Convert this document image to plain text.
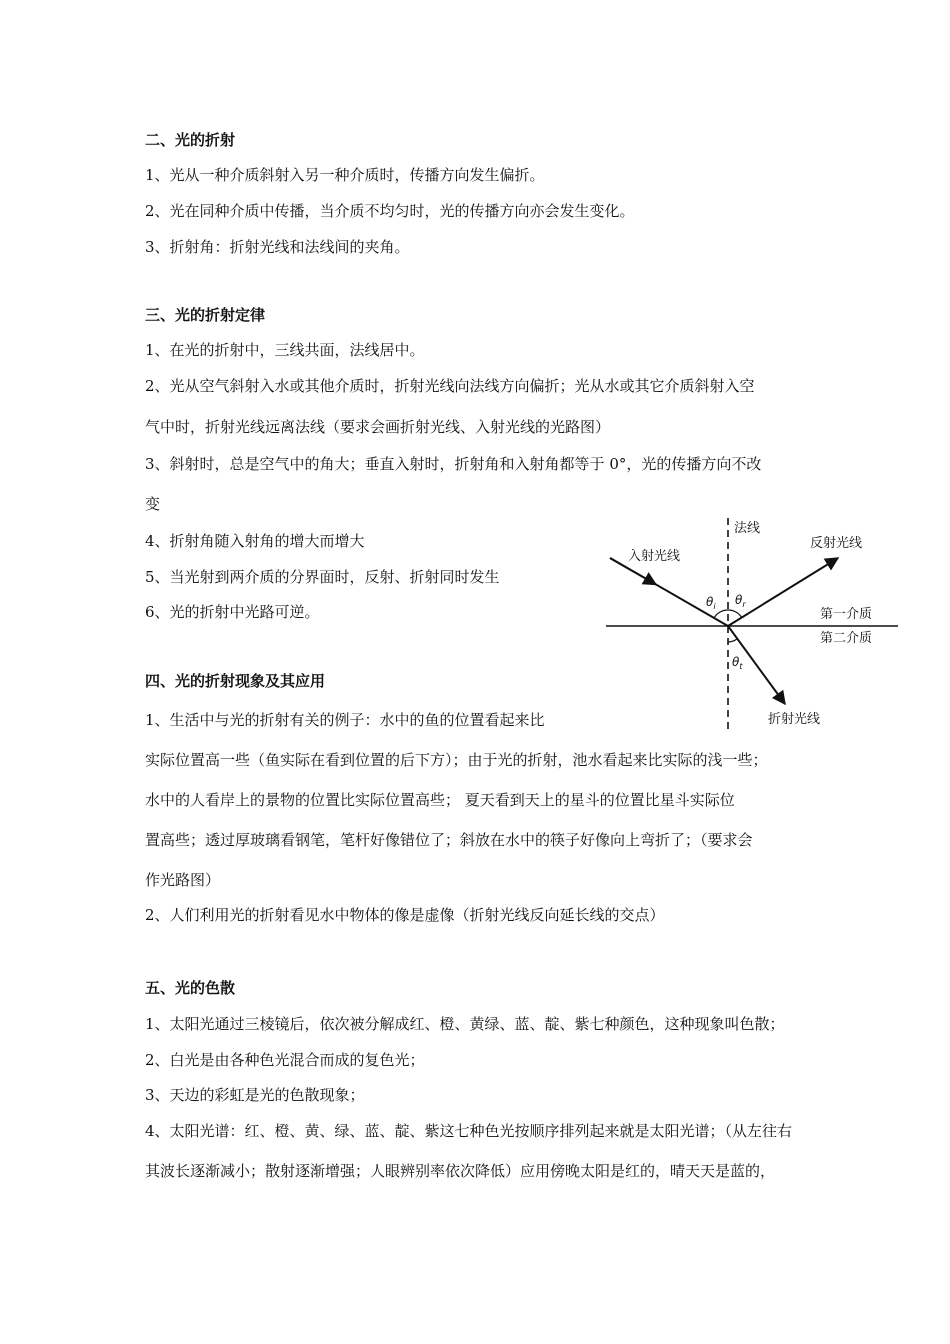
二、光的折射
1、光从一种介质斜射入另一种介质时，传播方向发生偏折。
2、光在同种介质中传播，当介质不均匀时，光的传播方向亦会发生变化。
3、折射角：折射光线和法线间的夹角。
三、光的折射定律
1、在光的折射中，三线共面，法线居中。
2、光从空气斜射入水或其他介质时，折射光线向法线方向偏折；光从水或其它介质斜射入空
气中时，折射光线远离法线（要求会画折射光线、入射光线的光路图）
3、斜射时，总是空气中的角大；垂直入射时，折射角和入射角都等于 0°，光的传播方向不改
变
4、折射角随入射角的增大而增大
5、当光射到两介质的分界面时，反射、折射同时发生
6、光的折射中光路可逆。
四、光的折射现象及其应用
1、生活中与光的折射有关的例子：水中的鱼的位置看起来比
实际位置高一些（鱼实际在看到位置的后下方）；由于光的折射，池水看起来比实际的浅一些；
水中的人看岸上的景物的位置比实际位置高些； 夏天看到天上的星斗的位置比星斗实际位
置高些；透过厚玻璃看钢笔，笔杆好像错位了；斜放在水中的筷子好像向上弯折了；（要求会
作光路图）
2、人们利用光的折射看见水中物体的像是虚像（折射光线反向延长线的交点）
五、光的色散
1、太阳光通过三棱镜后，依次被分解成红、橙、黄绿、蓝、靛、紫七种颜色，这种现象叫色散；
2、白光是由各种色光混合而成的复色光；
3、天边的彩虹是光的色散现象；
4、太阳光谱：红、橙、黄、绿、蓝、靛、紫这七种色光按顺序排列起来就是太阳光谱；（从左往右
其波长逐渐减小；散射逐渐增强；人眼辨别率依次降低）应用傍晚太阳是红的，晴天天是蓝的，
法线
入射光线
反射光线
折射光线
第一介质
第二介质
$\theta_i$ $\theta_r$
$\theta_t$
